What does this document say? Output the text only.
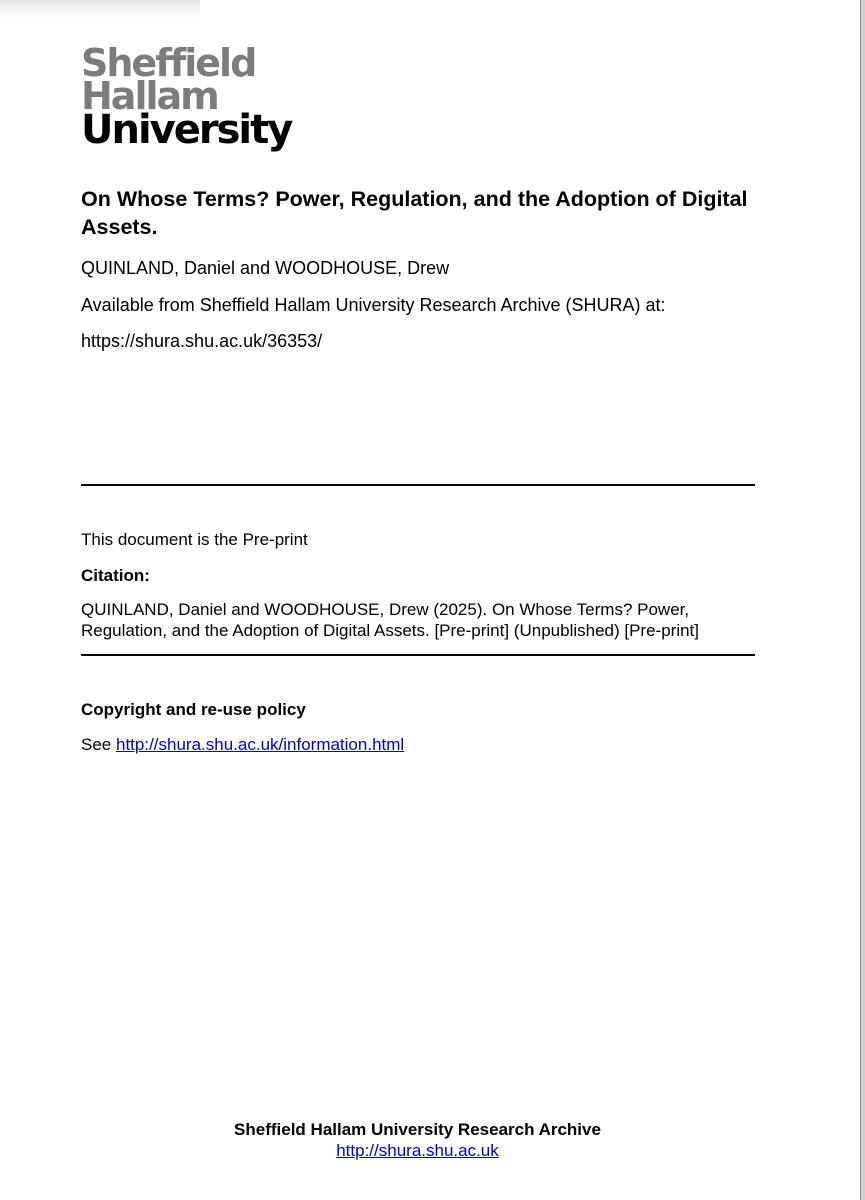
Sheffield
Hallam
University
On Whose Terms? Power, Regulation, and the Adoption of Digital Assets.

QUINLAND, Daniel and WOODHOUSE, Drew

Available from Sheffield Hallam University Research Archive (SHURA) at:

https://shura.shu.ac.uk/36353/

This document is the Pre-print

Citation:

QUINLAND, Daniel and WOODHOUSE, Drew (2025). On Whose Terms? Power, Regulation, and the Adoption of Digital Assets. [Pre-print] (Unpublished) [Pre-print]

Copyright and re-use policy

See http://shura.shu.ac.uk/information.html

Sheffield Hallam University Research Archive
http://shura.shu.ac.uk
